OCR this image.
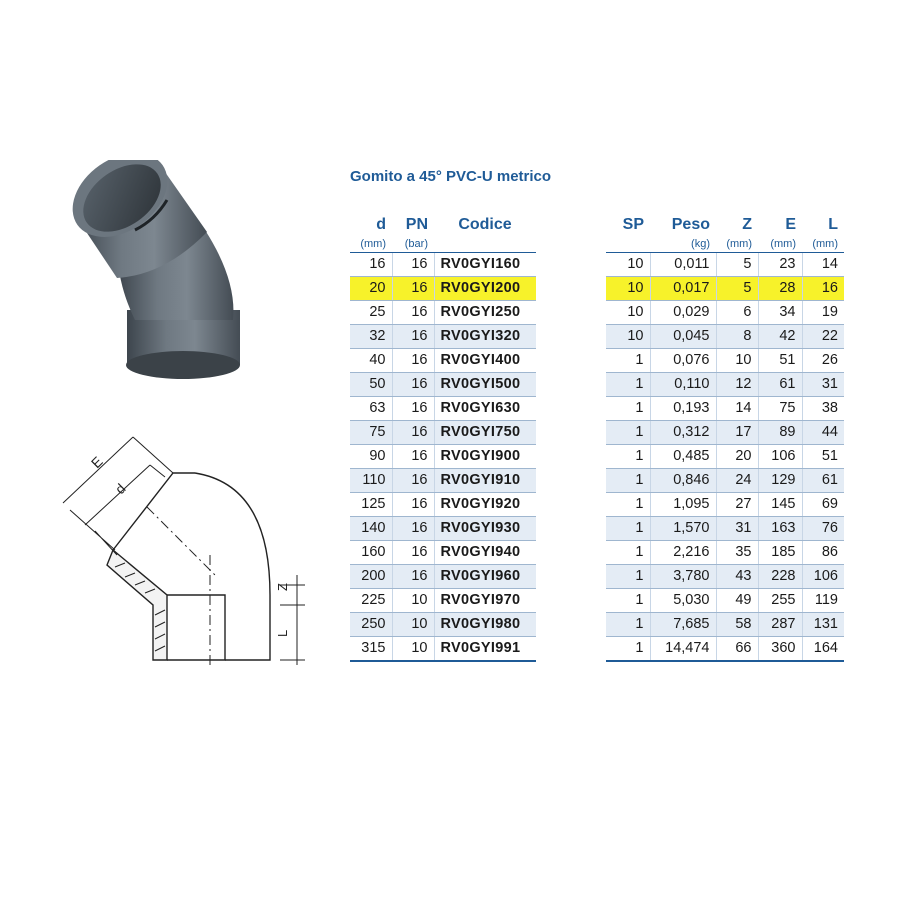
E
d
Z
L
Gomito a 45° PVC-U metrico
d	PN	Codice
(mm)	(bar)	
16	16	RV0GYI160
20	16	RV0GYI200
25	16	RV0GYI250
32	16	RV0GYI320
40	16	RV0GYI400
50	16	RV0GYI500
63	16	RV0GYI630
75	16	RV0GYI750
90	16	RV0GYI900
110	16	RV0GYI910
125	16	RV0GYI920
140	16	RV0GYI930
160	16	RV0GYI940
200	16	RV0GYI960
225	10	RV0GYI970
250	10	RV0GYI980
315	10	RV0GYI991
SP	Peso	Z	E	L
	(kg)	(mm)	(mm)	(mm)
10	0,011	5	23	14
10	0,017	5	28	16
10	0,029	6	34	19
10	0,045	8	42	22
1	0,076	10	51	26
1	0,110	12	61	31
1	0,193	14	75	38
1	0,312	17	89	44
1	0,485	20	106	51
1	0,846	24	129	61
1	1,095	27	145	69
1	1,570	31	163	76
1	2,216	35	185	86
1	3,780	43	228	106
1	5,030	49	255	119
1	7,685	58	287	131
1	14,474	66	360	164
